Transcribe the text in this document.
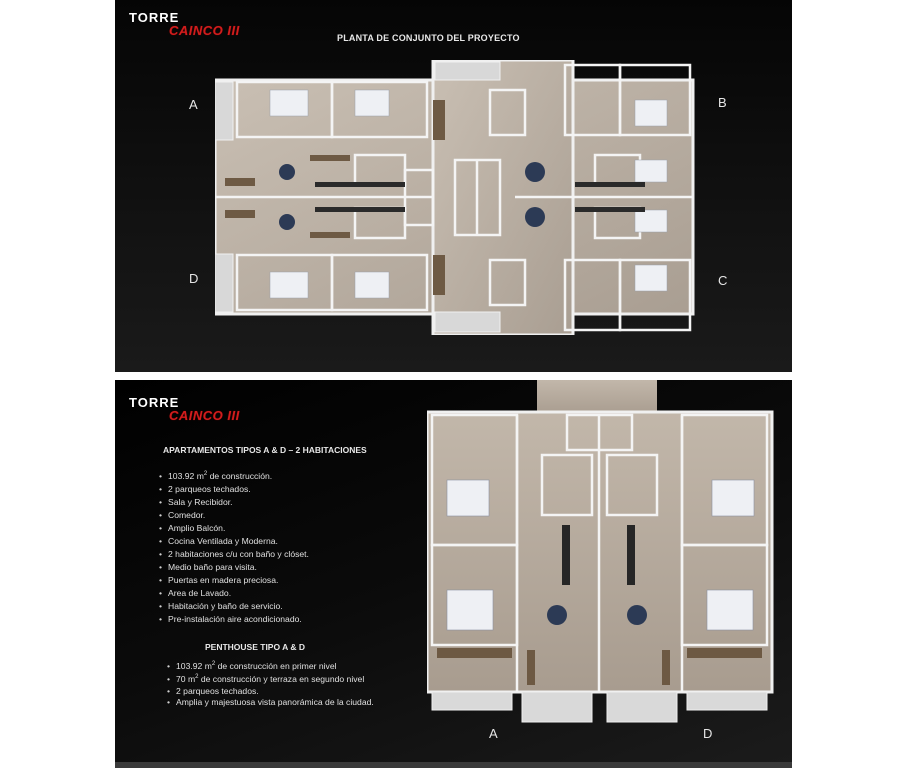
TORRE
CAINCO III	PLANTA DE CONJUNTO DEL PROYECTO
A	B
C
D
TORRE
CAINCO III
APARTAMENTOS TIPOS A & D – 2 HABITACIONES
• 103.92 $m^2$ de construcción.
• 2 parqueos techados.
• Sala y Recibidor.
• Comedor.
• Amplio Balcón.
• Cocina Ventilada y Moderna.
• 2 habitaciones c/u con baño y clóset.
• Medio baño para visita.
• Puertas en madera preciosa.
• Area de Lavado.
• Habitación y baño de servicio.
• Pre-instalación aire acondicionado.
PENTHOUSE TIPO A & D
• 103.92 $m^2$ de construcción en primer nivel
• 70 $m^2$ de construcción y terraza en segundo nivel
• 2 parqueos techados.
• Amplia y majestuosa vista panorámica de la ciudad.
A	D
